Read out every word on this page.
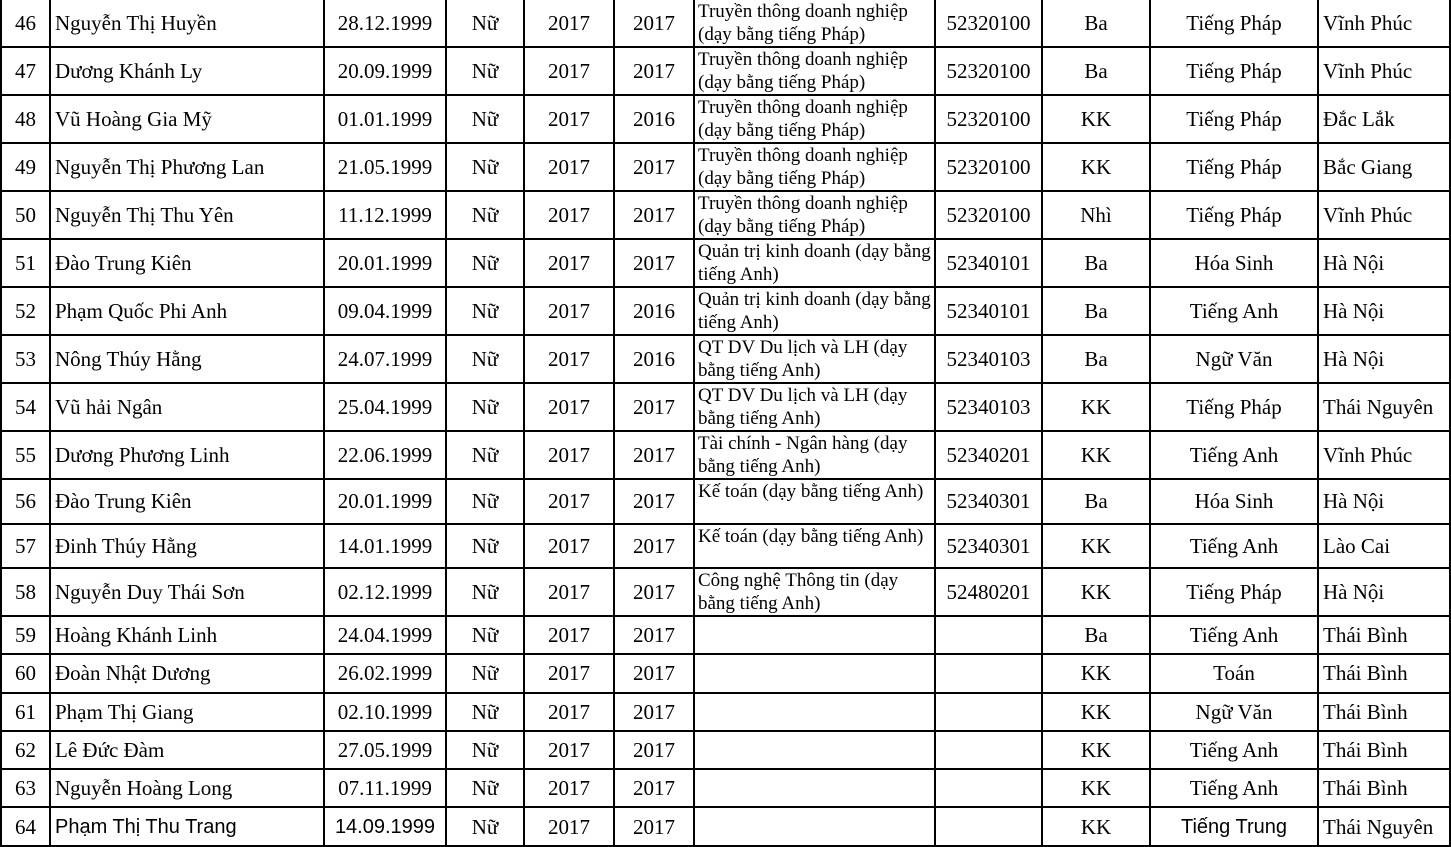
46	Nguyễn Thị Huyền	28.12.1999	Nữ	2017	2017	Truyền thông doanh nghiệp (dạy bằng tiếng Pháp)	52320100	Ba	Tiếng Pháp	Vĩnh Phúc
47	Dương Khánh Ly	20.09.1999	Nữ	2017	2017	Truyền thông doanh nghiệp (dạy bằng tiếng Pháp)	52320100	Ba	Tiếng Pháp	Vĩnh Phúc
48	Vũ Hoàng Gia Mỹ	01.01.1999	Nữ	2017	2016	Truyền thông doanh nghiệp (dạy bằng tiếng Pháp)	52320100	KK	Tiếng Pháp	Đắc Lắk
49	Nguyễn Thị Phương Lan	21.05.1999	Nữ	2017	2017	Truyền thông doanh nghiệp (dạy bằng tiếng Pháp)	52320100	KK	Tiếng Pháp	Bắc Giang
50	Nguyễn Thị Thu Yên	11.12.1999	Nữ	2017	2017	Truyền thông doanh nghiệp (dạy bằng tiếng Pháp)	52320100	Nhì	Tiếng Pháp	Vĩnh Phúc
51	Đào Trung Kiên	20.01.1999	Nữ	2017	2017	Quản trị kinh doanh (dạy bằng tiếng Anh)	52340101	Ba	Hóa Sinh	Hà Nội
52	Phạm Quốc Phi Anh	09.04.1999	Nữ	2017	2016	Quản trị kinh doanh (dạy bằng tiếng Anh)	52340101	Ba	Tiếng Anh	Hà Nội
53	Nông Thúy Hằng	24.07.1999	Nữ	2017	2016	QT DV Du lịch và LH (dạy bằng tiếng Anh)	52340103	Ba	Ngữ Văn	Hà Nội
54	Vũ hải Ngân	25.04.1999	Nữ	2017	2017	QT DV Du lịch và LH (dạy bằng tiếng Anh)	52340103	KK	Tiếng Pháp	Thái Nguyên
55	Dương Phương Linh	22.06.1999	Nữ	2017	2017	Tài chính - Ngân hàng (dạy bằng tiếng Anh)	52340201	KK	Tiếng Anh	Vĩnh Phúc
56	Đào Trung Kiên	20.01.1999	Nữ	2017	2017	Kế toán (dạy bằng tiếng Anh)	52340301	Ba	Hóa Sinh	Hà Nội
57	Đinh Thúy Hằng	14.01.1999	Nữ	2017	2017	Kế toán (dạy bằng tiếng Anh)	52340301	KK	Tiếng Anh	Lào Cai
58	Nguyễn Duy Thái Sơn	02.12.1999	Nữ	2017	2017	Công nghệ Thông tin (dạy bằng tiếng Anh)	52480201	KK	Tiếng Pháp	Hà Nội
59	Hoàng Khánh Linh	24.04.1999	Nữ	2017	2017			Ba	Tiếng Anh	Thái Bình
60	Đoàn Nhật Dương	26.02.1999	Nữ	2017	2017			KK	Toán	Thái Bình
61	Phạm Thị Giang	02.10.1999	Nữ	2017	2017			KK	Ngữ Văn	Thái Bình
62	Lê Đức Đàm	27.05.1999	Nữ	2017	2017			KK	Tiếng Anh	Thái Bình
63	Nguyễn Hoàng Long	07.11.1999	Nữ	2017	2017			KK	Tiếng Anh	Thái Bình
64	Phạm Thị Thu Trang	14.09.1999	Nữ	2017	2017			KK	Tiếng Trung	Thái Nguyên
